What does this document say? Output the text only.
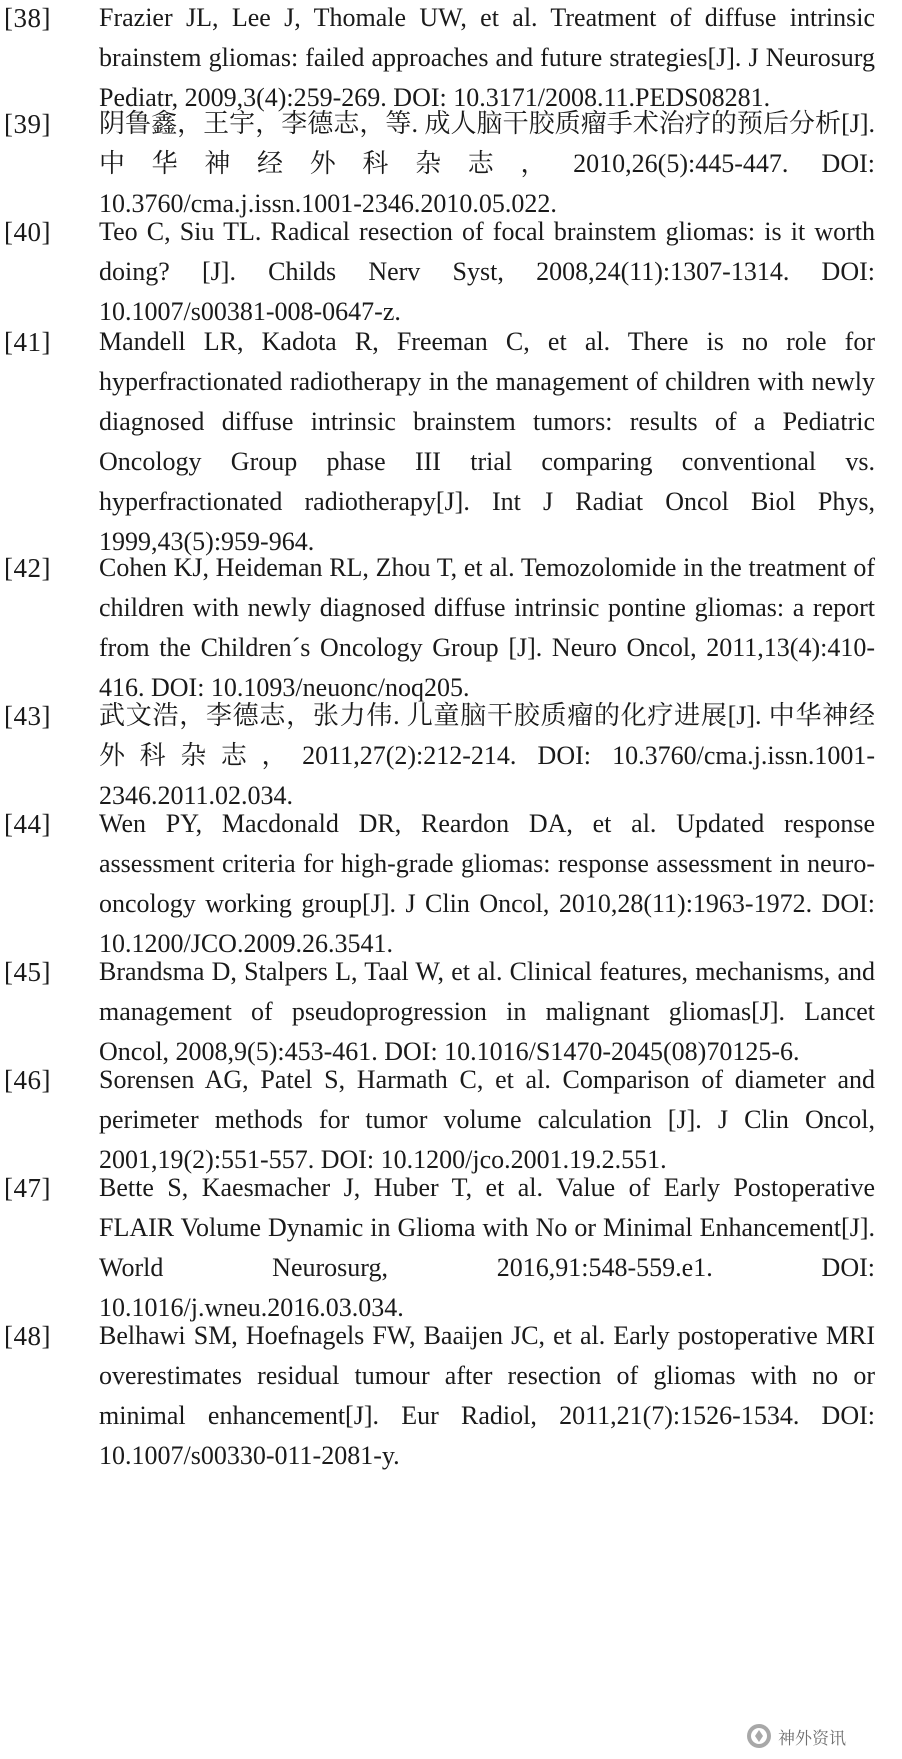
[38]	Frazier JL, Lee J, Thomale UW, et al. Treatment of diffuse intrinsic brainstem gliomas: failed approaches and future strategies[J]. J Neurosurg Pediatr, 2009,3(4):259-269. DOI: 10.3171/2008.11.PEDS08281.
[39]	阴鲁鑫，王宇，李德志，等. 成人脑干胶质瘤手术治疗的预后分析[J]. 中华神经外科杂志，2010,26(5):445-447. DOI: 10.3760/cma.j.issn.1001-2346.2010.05.022.
[40]	Teo C, Siu TL. Radical resection of focal brainstem gliomas: is it worth doing? [J]. Childs Nerv Syst, 2008,24(11):1307-1314. DOI: 10.1007/s00381-008-0647-z.
[41]	Mandell LR, Kadota R, Freeman C, et al. There is no role for hyperfractionated radiotherapy in the management of children with newly diagnosed diffuse intrinsic brainstem tumors: results of a Pediatric Oncology Group phase III trial comparing conventional vs. hyperfractionated radiotherapy[J]. Int J Radiat Oncol Biol Phys, 1999,43(5):959-964.
[42]	Cohen KJ, Heideman RL, Zhou T, et al. Temozolomide in the treatment of children with newly diagnosed diffuse intrinsic pontine gliomas: a report from the Children´s Oncology Group [J]. Neuro Oncol, 2011,13(4):410-416. DOI: 10.1093/neuonc/noq205.
[43]	武文浩，李德志，张力伟. 儿童脑干胶质瘤的化疗进展[J]. 中华神经外科杂志，2011,27(2):212-214. DOI: 10.3760/cma.j.issn.1001-2346.2011.02.034.
[44]	Wen PY, Macdonald DR, Reardon DA, et al. Updated response assessment criteria for high-grade gliomas: response assessment in neuro-oncology working group[J]. J Clin Oncol, 2010,28(11):1963-1972. DOI: 10.1200/JCO.2009.26.3541.
[45]	Brandsma D, Stalpers L, Taal W, et al. Clinical features, mechanisms, and management of pseudoprogression in malignant gliomas[J]. Lancet Oncol, 2008,9(5):453-461. DOI: 10.1016/S1470-2045(08)70125-6.
[46]	Sorensen AG, Patel S, Harmath C, et al. Comparison of diameter and perimeter methods for tumor volume calculation [J]. J Clin Oncol, 2001,19(2):551-557. DOI: 10.1200/jco.2001.19.2.551.
[47]	Bette S, Kaesmacher J, Huber T, et al. Value of Early Postoperative FLAIR Volume Dynamic in Glioma with No or Minimal Enhancement[J]. World Neurosurg, 2016,91:548-559.e1. DOI: 10.1016/j.wneu.2016.03.034.
[48]	Belhawi SM, Hoefnagels FW, Baaijen JC, et al. Early postoperative MRI overestimates residual tumour after resection of gliomas with no or minimal enhancement[J]. Eur Radiol, 2011,21(7):1526-1534. DOI: 10.1007/s00330-011-2081-y.
神外资讯
